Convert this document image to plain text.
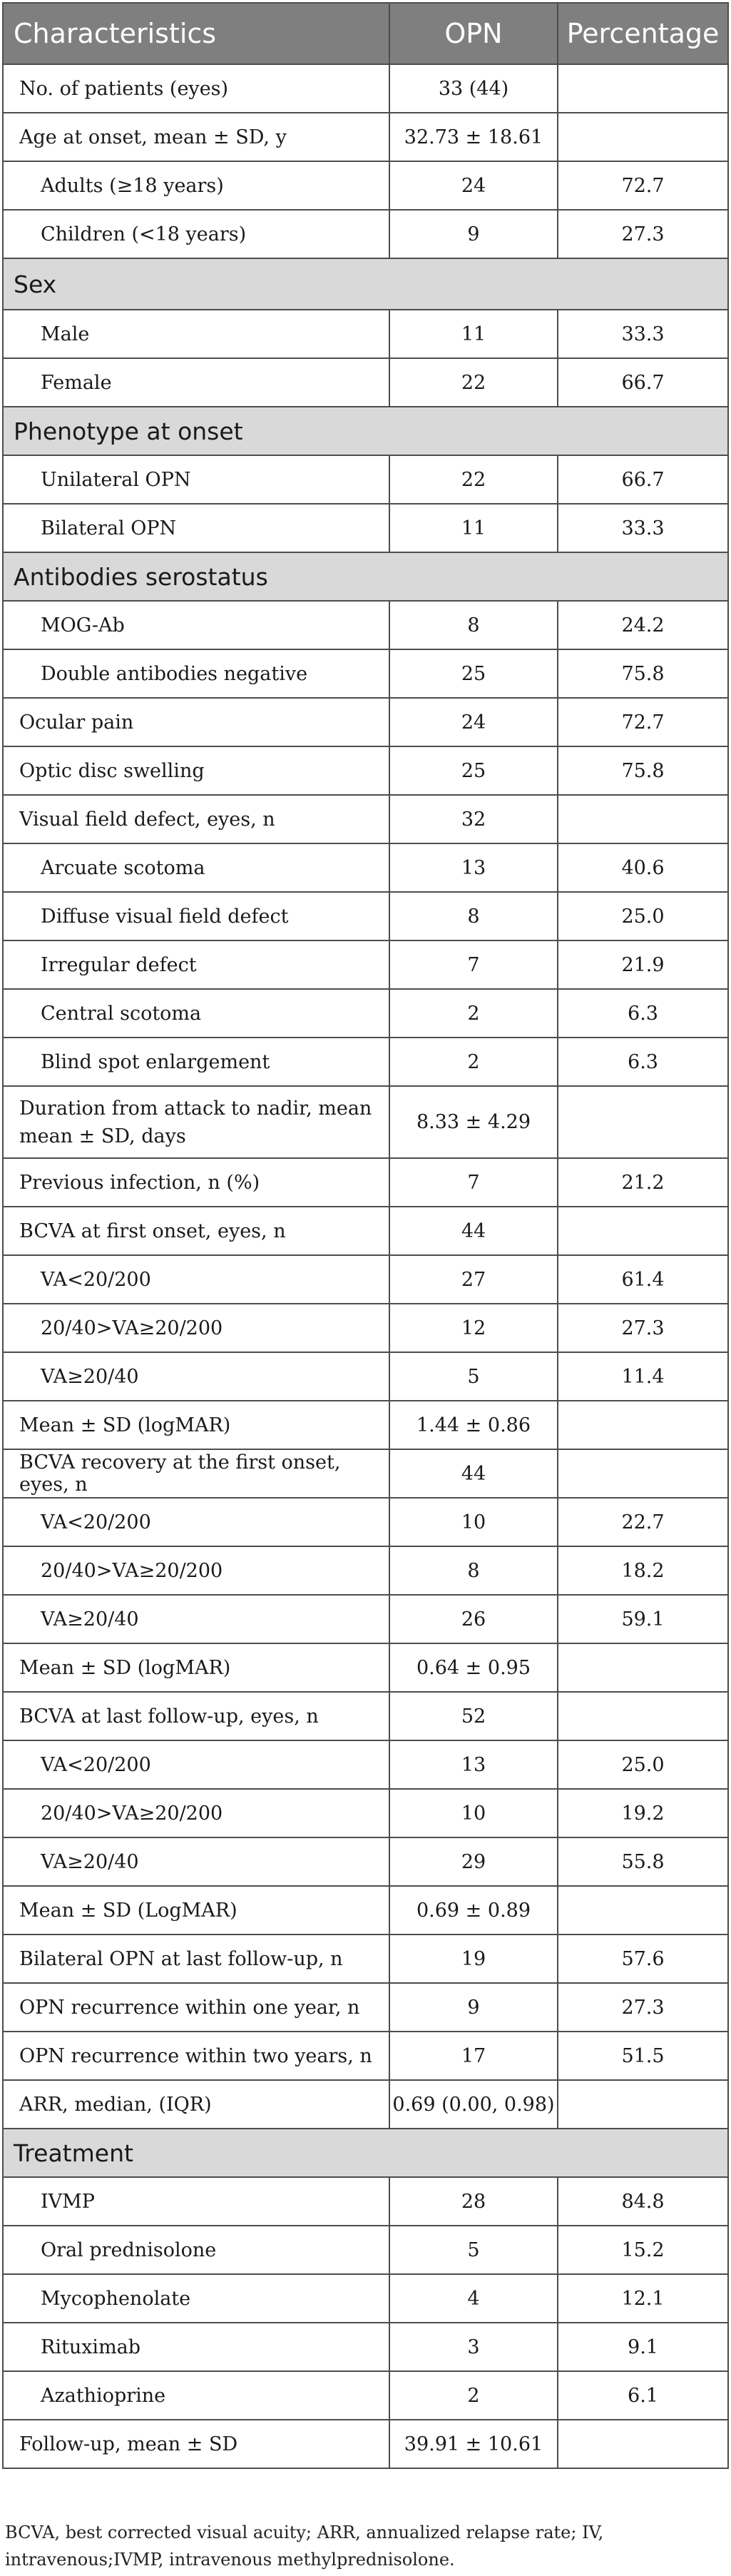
Characteristics	OPN	Percentage
No. of patients (eyes)	33 (44)	
Age at onset, mean ± SD, y	32.73 ± 18.61	
Adults (≥18 years)	24	72.7
Children (<18 years)	9	27.3
Sex		
Male	11	33.3
Female	22	66.7
Phenotype at onset		
Unilateral OPN	22	66.7
Bilateral OPN	11	33.3
Antibodies serostatus		
MOG-Ab	8	24.2
Double antibodies negative	25	75.8
Ocular pain	24	72.7
Optic disc swelling	25	75.8
Visual field defect, eyes, n	32	
Arcuate scotoma	13	40.6
Diffuse visual field defect	8	25.0
Irregular defect	7	21.9
Central scotoma	2	6.3
Blind spot enlargement	2	6.3
Duration from attack to nadir, mean mean ± SD, days	8.33 ± 4.29	
Previous infection, n (%)	7	21.2
BCVA at first onset, eyes, n	44	
VA<20/200	27	61.4
20/40>VA≥20/200	12	27.3
VA≥20/40	5	11.4
Mean ± SD (logMAR)	1.44 ± 0.86	
BCVA recovery at the first onset, eyes, n	44	
VA<20/200	10	22.7
20/40>VA≥20/200	8	18.2
VA≥20/40	26	59.1
Mean ± SD (logMAR)	0.64 ± 0.95	
BCVA at last follow-up, eyes, n	52	
VA<20/200	13	25.0
20/40>VA≥20/200	10	19.2
VA≥20/40	29	55.8
Mean ± SD (LogMAR)	0.69 ± 0.89	
Bilateral OPN at last follow-up, n	19	57.6
OPN recurrence within one year, n	9	27.3
OPN recurrence within two years, n	17	51.5
ARR, median, (IQR)	0.69 (0.00, 0.98)	
Treatment		
IVMP	28	84.8
Oral prednisolone	5	15.2
Mycophenolate	4	12.1
Rituximab	3	9.1
Azathioprine	2	6.1
Follow-up, mean ± SD	39.91 ± 10.61	
BCVA, best corrected visual acuity; ARR, annualized relapse rate; IV, intravenous;IVMP, intravenous methylprednisolone.
